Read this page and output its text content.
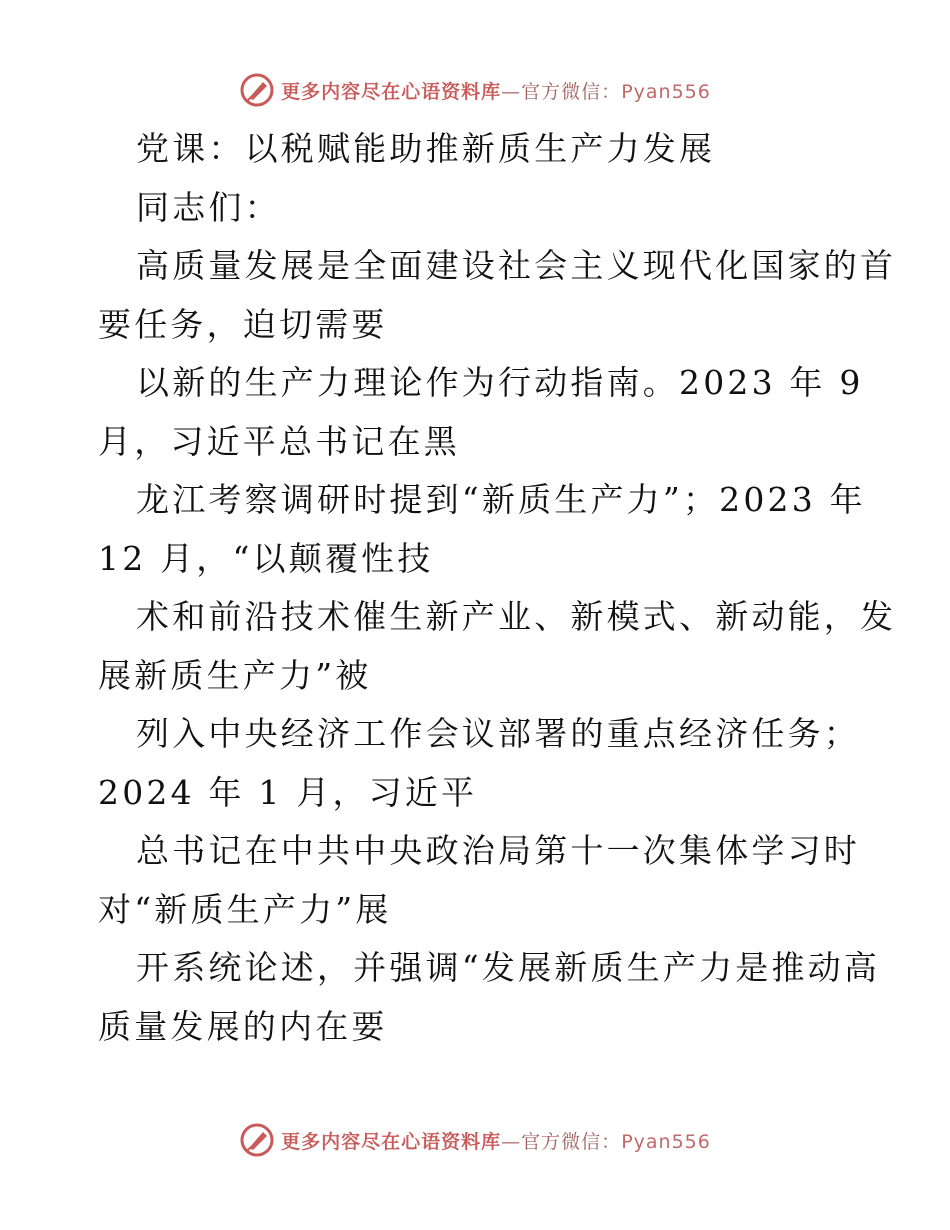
更多内容尽在心语资料库—官方微信：Pyan556
党课：以税赋能助推新质生产力发展
同志们：
高质量发展是全面建设社会主义现代化国家的首
要任务，迫切需要
以新的生产力理论作为行动指南。2023 年 9
月，习近平总书记在黑
龙江考察调研时提到“新质生产力”；2023 年
12 月，“以颠覆性技
术和前沿技术催生新产业、新模式、新动能，发
展新质生产力”被
列入中央经济工作会议部署的重点经济任务；
2024 年 1 月，习近平
总书记在中共中央政治局第十一次集体学习时
对“新质生产力”展
开系统论述，并强调“发展新质生产力是推动高
质量发展的内在要
更多内容尽在心语资料库—官方微信：Pyan556
